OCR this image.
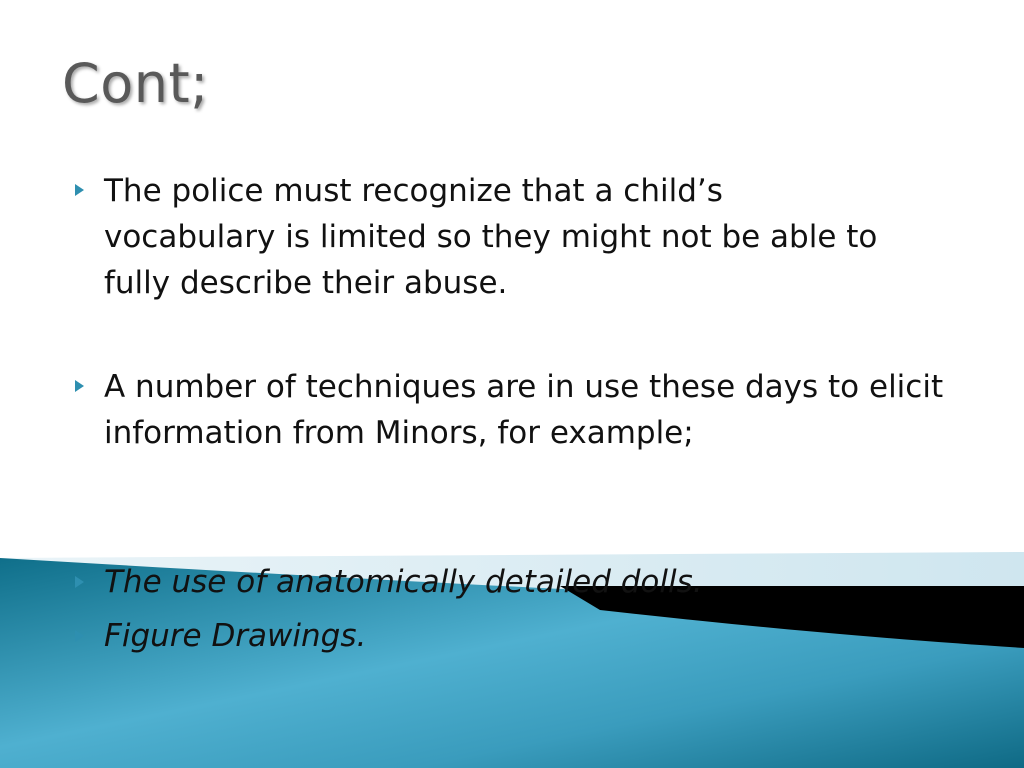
Cont;
The police must recognize that a child’s vocabulary is limited so they might not be able to fully describe their abuse.
A number of techniques are in use these days to elicit  information from Minors, for example;
The use of anatomically detailed dolls.
Figure Drawings.
